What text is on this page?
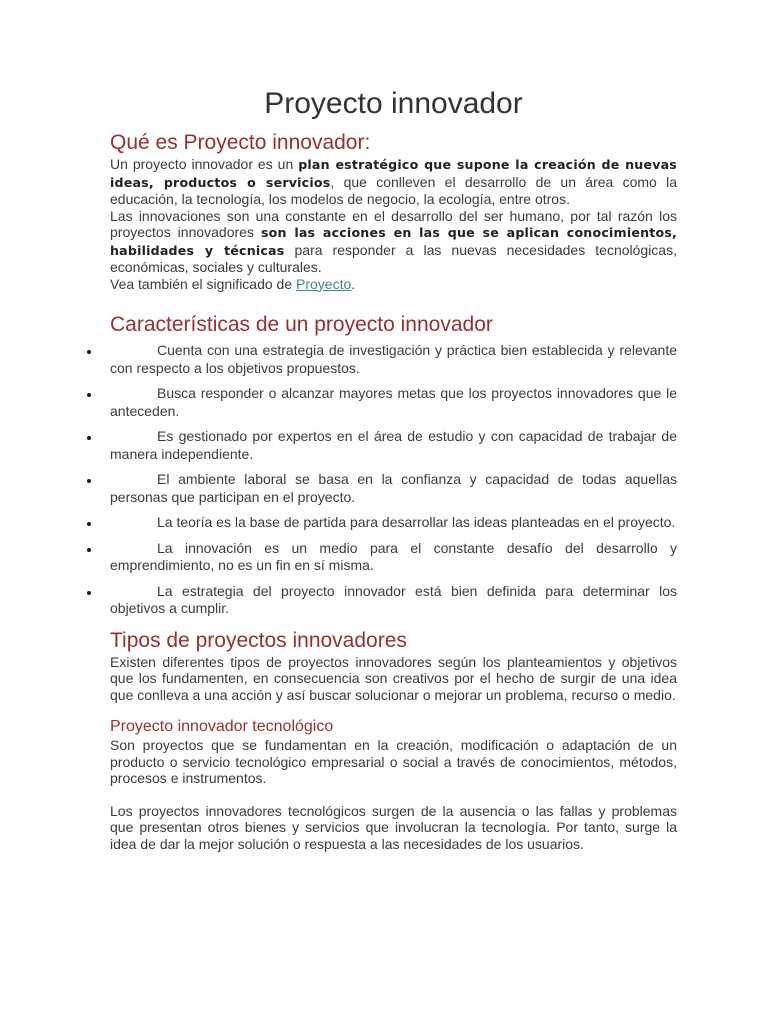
Proyecto innovador
Qué es Proyecto innovador:

Un proyecto innovador es un plan estratégico que supone la creación de nuevas ideas, productos o servicios, que conlleven el desarrollo de un área como la educación, la tecnología, los modelos de negocio, la ecología, entre otros.

Las innovaciones son una constante en el desarrollo del ser humano, por tal razón los proyectos innovadores son las acciones en las que se aplican conocimientos, habilidades y técnicas para responder a las nuevas necesidades tecnológicas, económicas, sociales y culturales.

Vea también el significado de Proyecto.

Características de un proyecto innovador
Cuenta con una estrategia de investigación y práctica bien establecida y relevante con respecto a los objetivos propuestos.
Busca responder o alcanzar mayores metas que los proyectos innovadores que le anteceden.
Es gestionado por expertos en el área de estudio y con capacidad de trabajar de manera independiente.
El ambiente laboral se basa en la confianza y capacidad de todas aquellas personas que participan en el proyecto.
La teoría es la base de partida para desarrollar las ideas planteadas en el proyecto.
La innovación es un medio para el constante desafío del desarrollo y emprendimiento, no es un fin en sí misma.
La estrategia del proyecto innovador está bien definida para determinar los objetivos a cumplir.
Tipos de proyectos innovadores

Existen diferentes tipos de proyectos innovadores según los planteamientos y objetivos que los fundamenten, en consecuencia son creativos por el hecho de surgir de una idea que conlleva a una acción y así buscar solucionar o mejorar un problema, recurso o medio.

Proyecto innovador tecnológico

Son proyectos que se fundamentan en la creación, modificación o adaptación de un producto o servicio tecnológico empresarial o social a través de conocimientos, métodos, procesos e instrumentos.

Los proyectos innovadores tecnológicos surgen de la ausencia o las fallas y problemas que presentan otros bienes y servicios que involucran la tecnología. Por tanto, surge la idea de dar la mejor solución o respuesta a las necesidades de los usuarios.
